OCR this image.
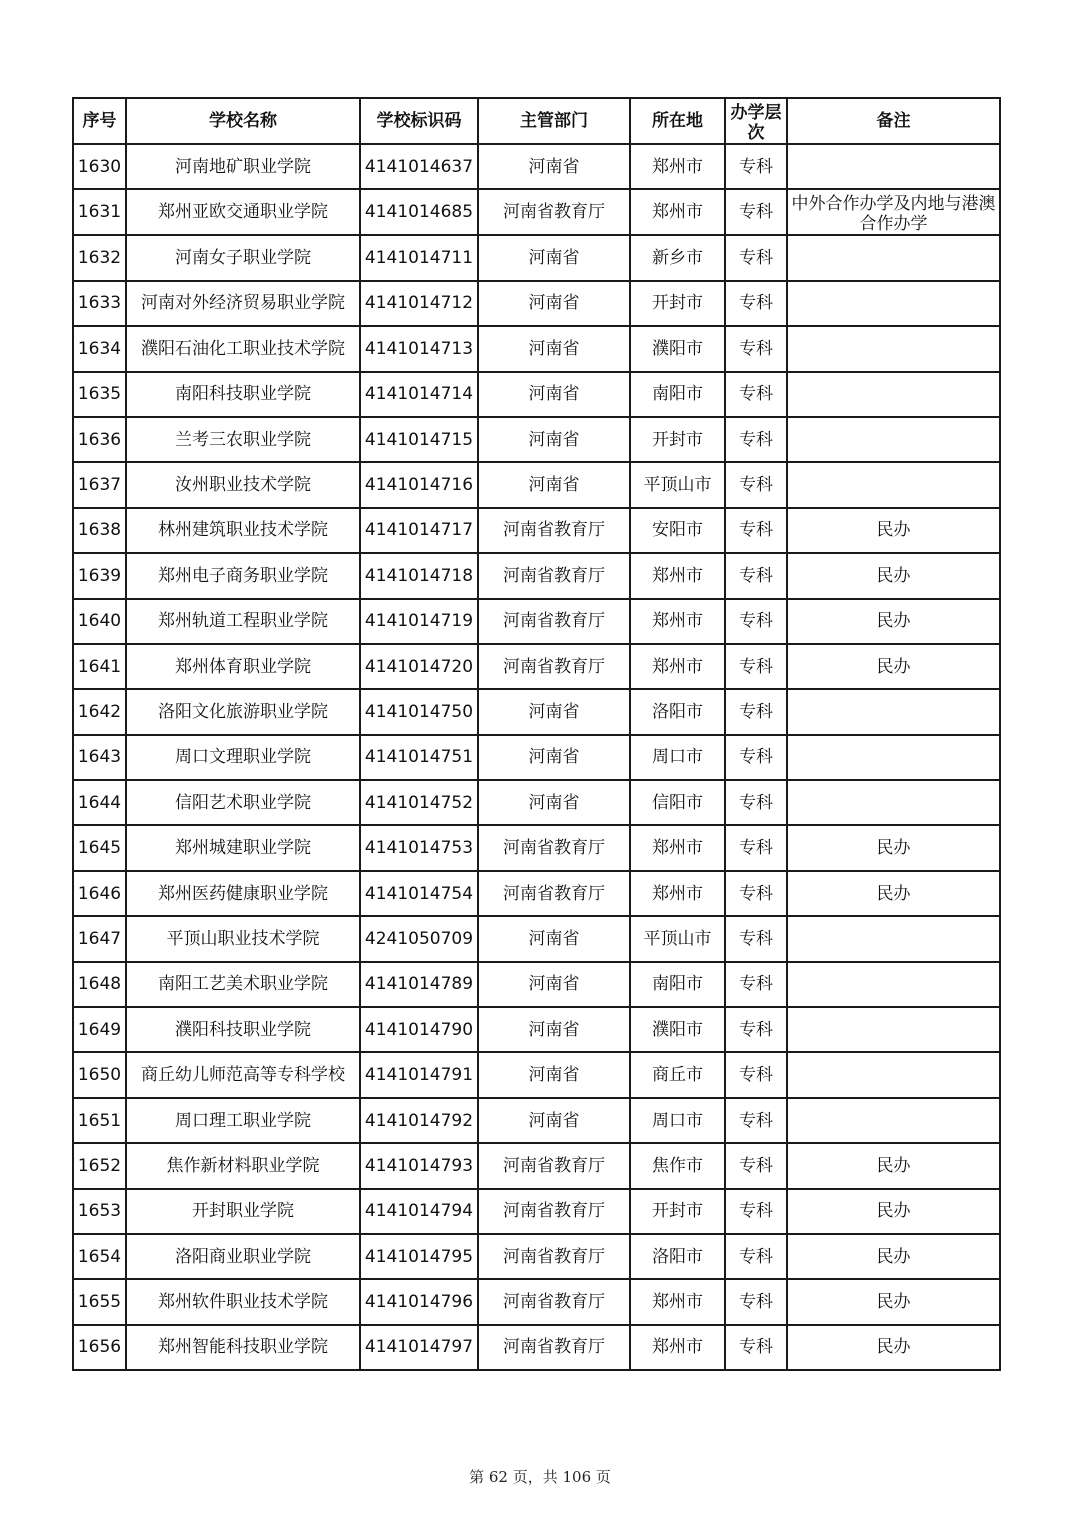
序号	学校名称	学校标识码	主管部门	所在地	办学层次	备注
1630	河南地矿职业学院	4141014637	河南省	郑州市	专科	
1631	郑州亚欧交通职业学院	4141014685	河南省教育厅	郑州市	专科	中外合作办学及内地与港澳合作办学

1632	河南女子职业学院	4141014711	河南省	新乡市	专科	
1633	河南对外经济贸易职业学院	4141014712	河南省	开封市	专科	
1634	濮阳石油化工职业技术学院	4141014713	河南省	濮阳市	专科	
1635	南阳科技职业学院	4141014714	河南省	南阳市	专科	
1636	兰考三农职业学院	4141014715	河南省	开封市	专科	
1637	汝州职业技术学院	4141014716	河南省	平顶山市	专科	
1638	林州建筑职业技术学院	4141014717	河南省教育厅	安阳市	专科	民办
1639	郑州电子商务职业学院	4141014718	河南省教育厅	郑州市	专科	民办
1640	郑州轨道工程职业学院	4141014719	河南省教育厅	郑州市	专科	民办
1641	郑州体育职业学院	4141014720	河南省教育厅	郑州市	专科	民办
1642	洛阳文化旅游职业学院	4141014750	河南省	洛阳市	专科	
1643	周口文理职业学院	4141014751	河南省	周口市	专科	
1644	信阳艺术职业学院	4141014752	河南省	信阳市	专科	
1645	郑州城建职业学院	4141014753	河南省教育厅	郑州市	专科	民办
1646	郑州医药健康职业学院	4141014754	河南省教育厅	郑州市	专科	民办
1647	平顶山职业技术学院	4241050709	河南省	平顶山市	专科	
1648	南阳工艺美术职业学院	4141014789	河南省	南阳市	专科	
1649	濮阳科技职业学院	4141014790	河南省	濮阳市	专科	
1650	商丘幼儿师范高等专科学校	4141014791	河南省	商丘市	专科	
1651	周口理工职业学院	4141014792	河南省	周口市	专科	
1652	焦作新材料职业学院	4141014793	河南省教育厅	焦作市	专科	民办
1653	开封职业学院	4141014794	河南省教育厅	开封市	专科	民办
1654	洛阳商业职业学院	4141014795	河南省教育厅	洛阳市	专科	民办
1655	郑州软件职业技术学院	4141014796	河南省教育厅	郑州市	专科	民办
1656	郑州智能科技职业学院	4141014797	河南省教育厅	郑州市	专科	民办
第 62 页，共 106 页
